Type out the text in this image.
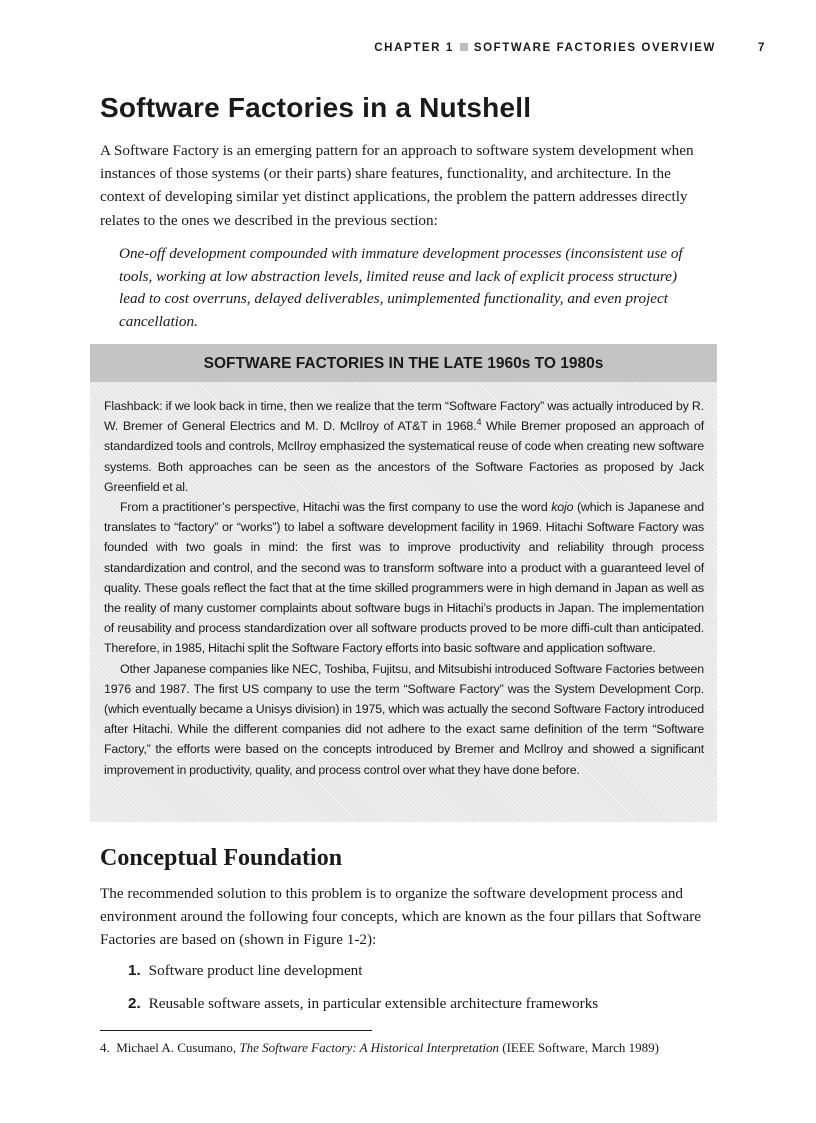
CHAPTER 1 SOFTWARE FACTORIES OVERVIEW	7
Software Factories in a Nutshell

A Software Factory is an emerging pattern for an approach to software system development when instances of those systems (or their parts) share features, functionality, and architecture. In the context of developing similar yet distinct applications, the problem the pattern addresses directly relates to the ones we described in the previous section:

One-off development compounded with immature development processes (inconsistent use of tools, working at low abstraction levels, limited reuse and lack of explicit process structure) lead to cost overruns, delayed deliverables, unimplemented functionality, and even project cancellation.

SOFTWARE FACTORIES IN THE LATE 1960s TO 1980s

Flashback: if we look back in time, then we realize that the term “Software Factory” was actually introduced by R. W. Bremer of General Electrics and M. D. McIlroy of AT&T in 1968.$^4$ While Bremer proposed an approach of standardized tools and controls, McIlroy emphasized the systematical reuse of code when creating new software systems. Both approaches can be seen as the ancestors of the Software Factories as proposed by Jack Greenfield et al.

From a practitioner’s perspective, Hitachi was the first company to use the word kojo (which is Japanese and translates to “factory” or “works”) to label a software development facility in 1969. Hitachi Software Factory was founded with two goals in mind: the first was to improve productivity and reliability through process standardization and control, and the second was to transform software into a product with a guaranteed level of quality. These goals reflect the fact that at the time skilled programmers were in high demand in Japan as well as the reality of many customer complaints about software bugs in Hitachi’s products in Japan. The implementation of reusability and process standardization over all software products proved to be more diffi-cult than anticipated. Therefore, in 1985, Hitachi split the Software Factory efforts into basic software and application software.

Other Japanese companies like NEC, Toshiba, Fujitsu, and Mitsubishi introduced Software Factories between 1976 and 1987. The first US company to use the term “Software Factory” was the System Development Corp. (which eventually became a Unisys division) in 1975, which was actually the second Software Factory introduced after Hitachi. While the different companies did not adhere to the exact same definition of the term “Software Factory,” the efforts were based on the concepts introduced by Bremer and McIlroy and showed a significant improvement in productivity, quality, and process control over what they have done before.

Conceptual Foundation

The recommended solution to this problem is to organize the software development process and environment around the following four concepts, which are known as the four pillars that Software Factories are based on (shown in Figure 1-2):

1. Software product line development

2. Reusable software assets, in particular extensible architecture frameworks

4. Michael A. Cusumano, The Software Factory: A Historical Interpretation (IEEE Software, March 1989)
